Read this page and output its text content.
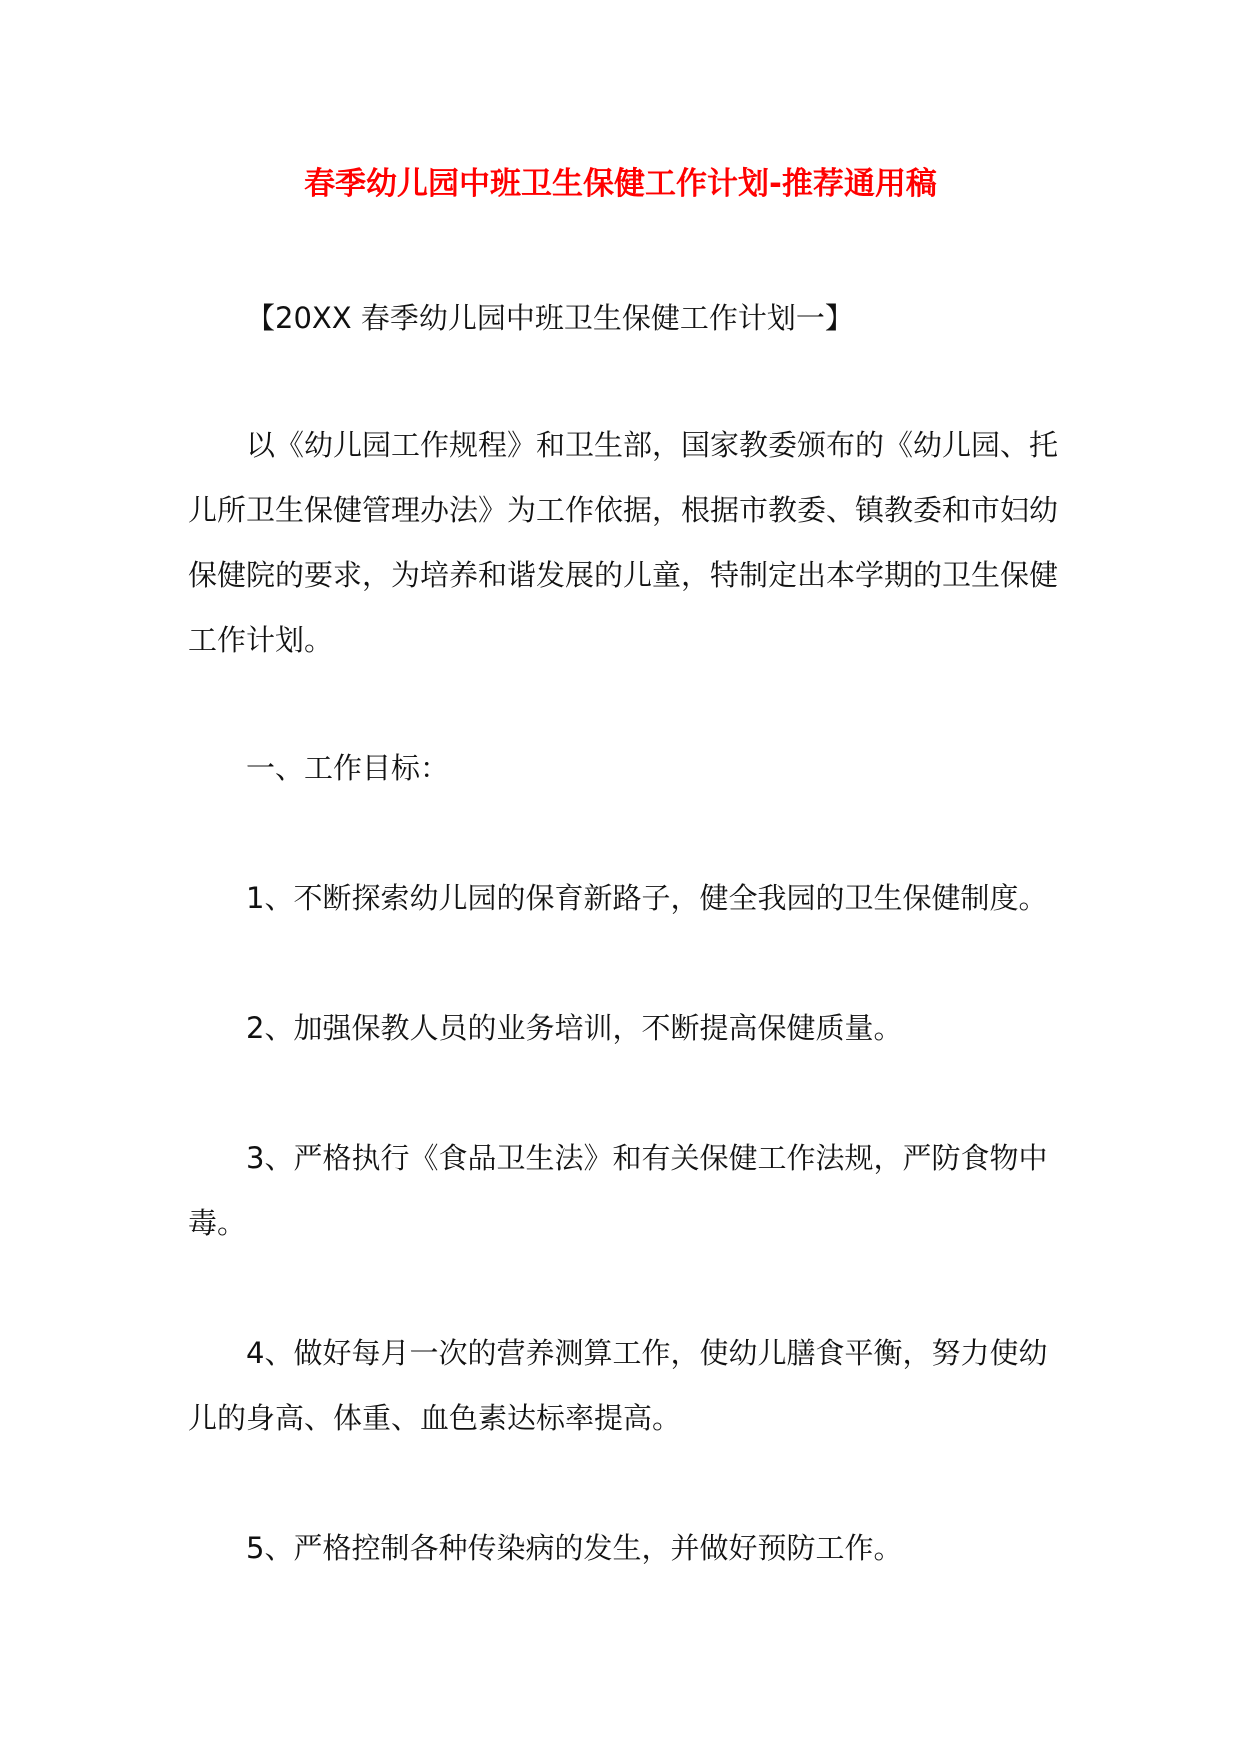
春季幼儿园中班卫生保健工作计划-推荐通用稿

【20XX 春季幼儿园中班卫生保健工作计划一】

以《幼儿园工作规程》和卫生部，国家教委颁布的《幼儿园、托儿所卫生保健管理办法》为工作依据，根据市教委、镇教委和市妇幼保健院的要求，为培养和谐发展的儿童，特制定出本学期的卫生保健工作计划。

一、工作目标：

1、不断探索幼儿园的保育新路子，健全我园的卫生保健制度。

2、加强保教人员的业务培训，不断提高保健质量。

3、严格执行《食品卫生法》和有关保健工作法规，严防食物中毒。

4、做好每月一次的营养测算工作，使幼儿膳食平衡，努力使幼儿的身高、体重、血色素达标率提高。

5、严格控制各种传染病的发生，并做好预防工作。
